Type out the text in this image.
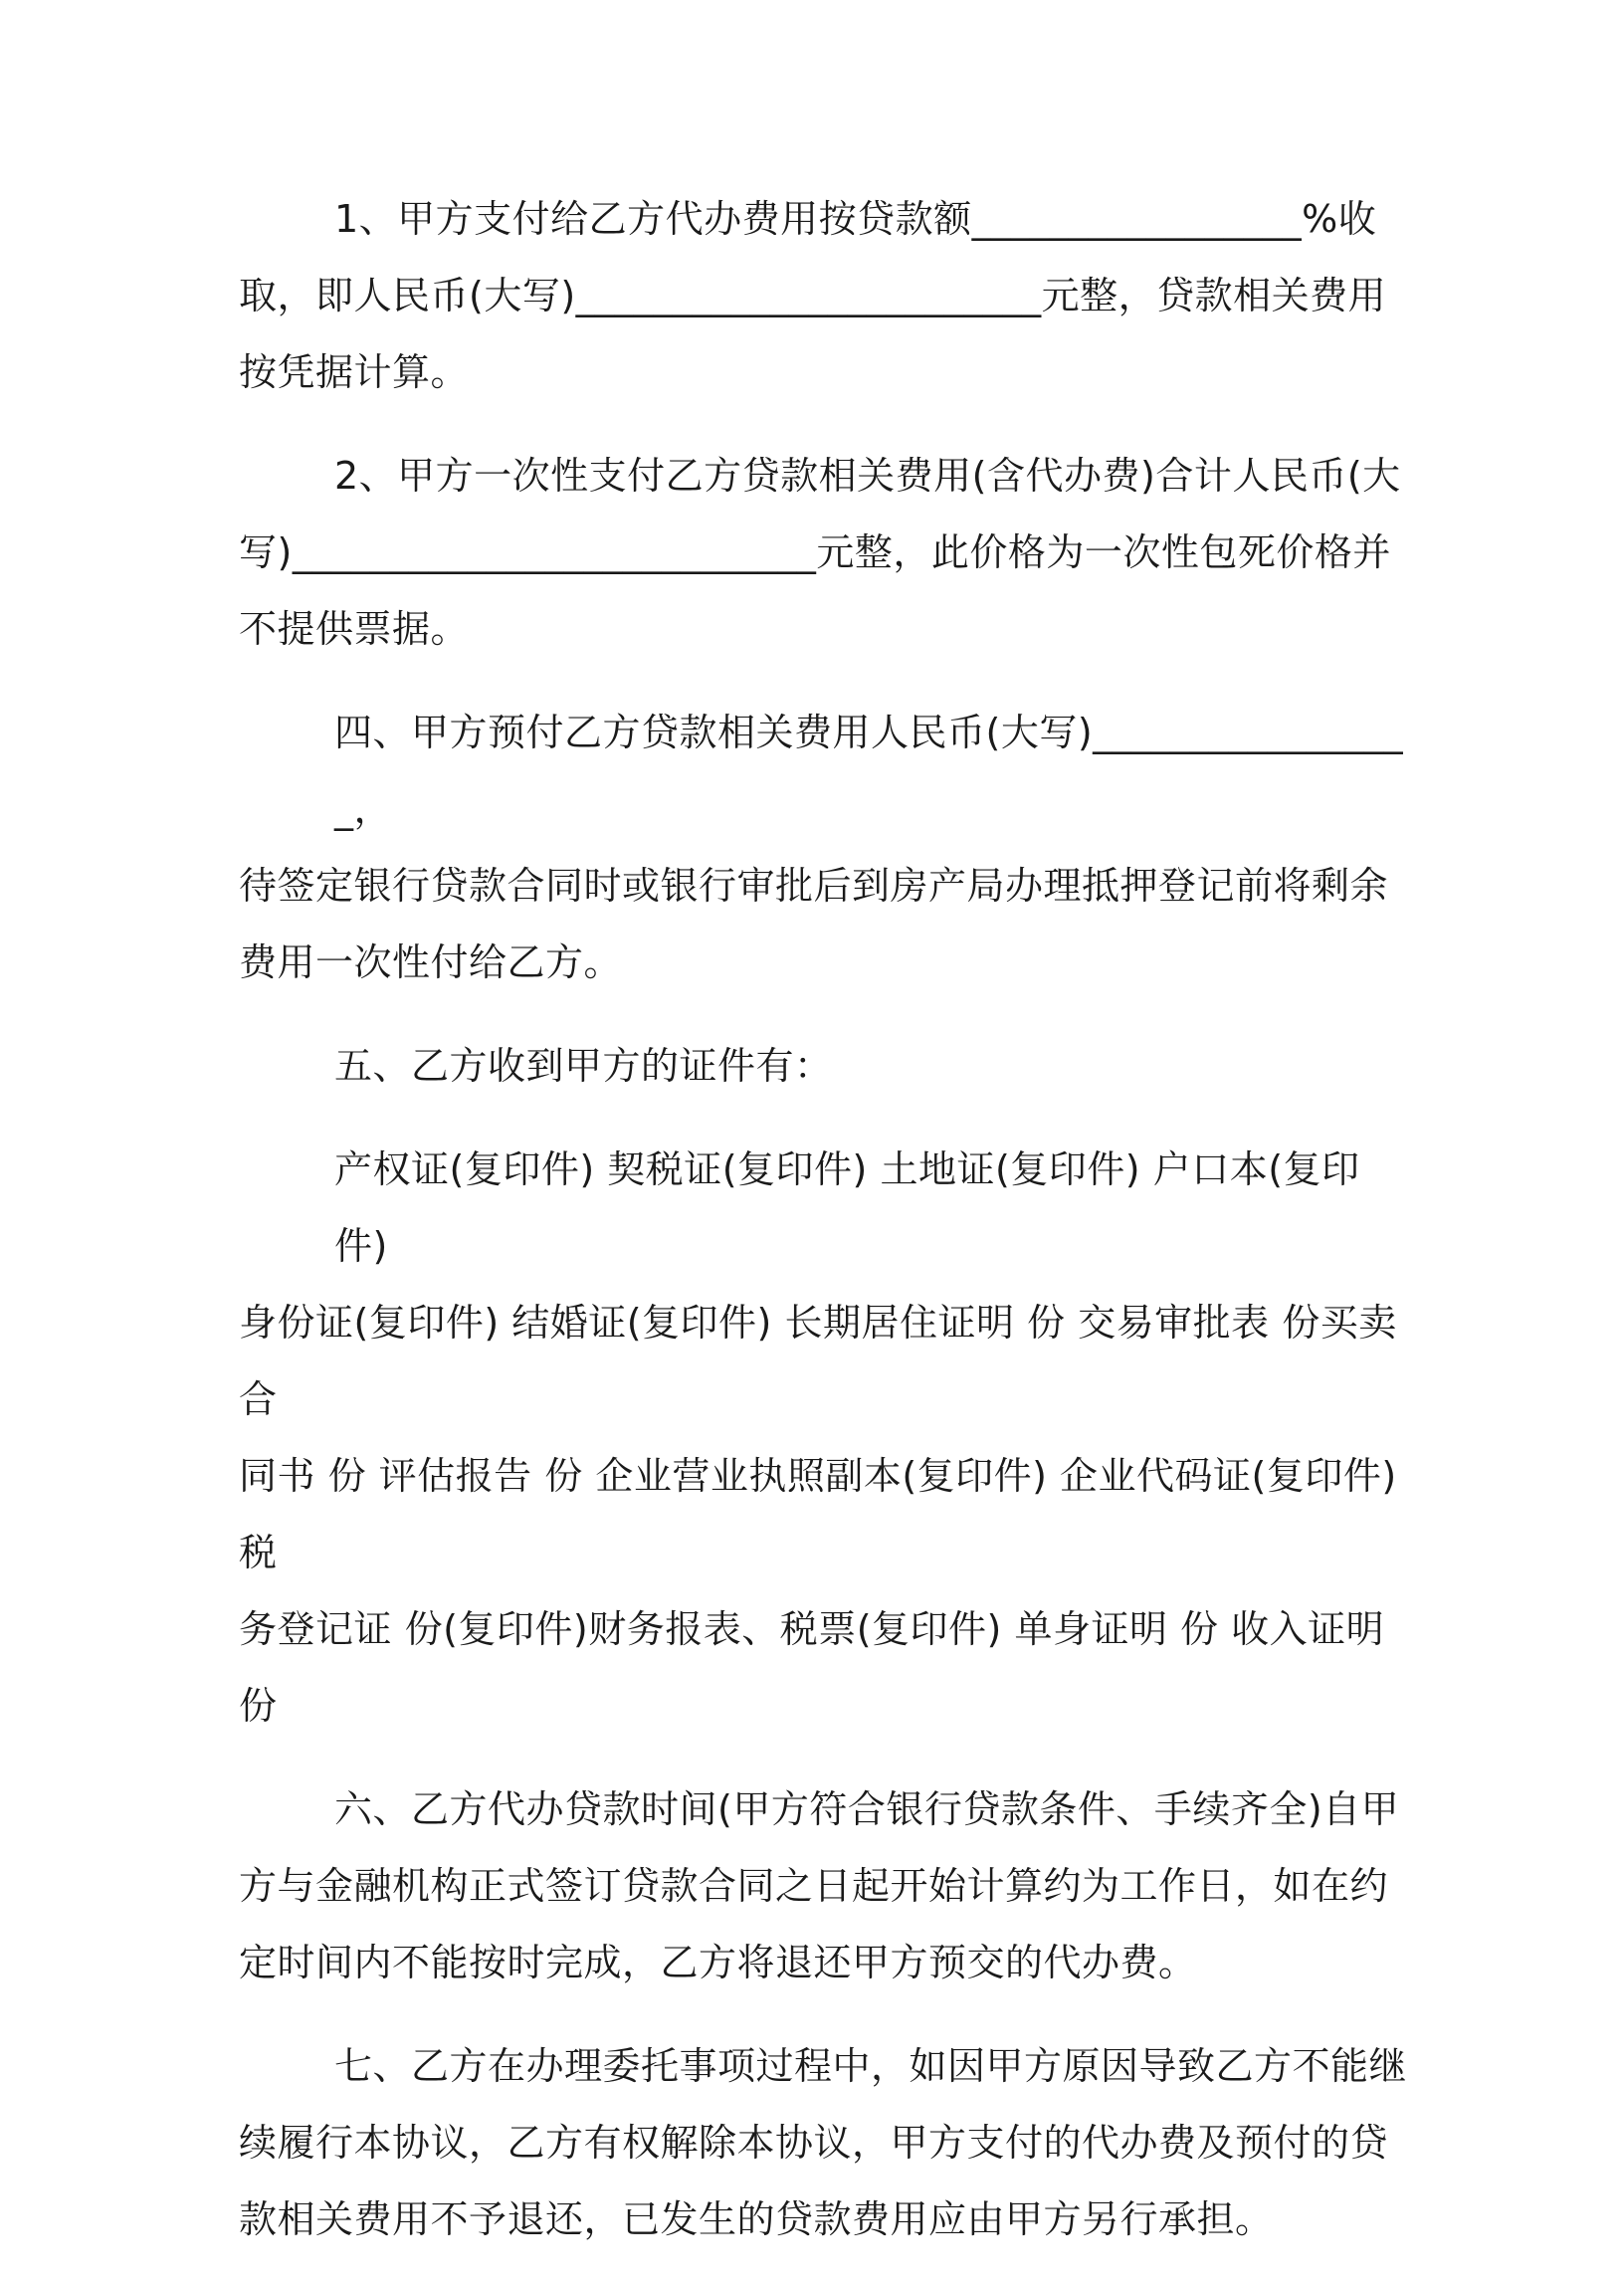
1、甲方支付给乙方代办费用按贷款额_________________%收
取，即人民币(大写)________________________元整，贷款相关费用
按凭据计算。
2、甲方一次性支付乙方贷款相关费用(含代办费)合计人民币(大
写)___________________________元整，此价格为一次性包死价格并
不提供票据。
四、甲方预付乙方贷款相关费用人民币(大写)_________________，
待签定银行贷款合同时或银行审批后到房产局办理抵押登记前将剩余
费用一次性付给乙方。
五、乙方收到甲方的证件有：
产权证(复印件) 契税证(复印件) 土地证(复印件) 户口本(复印件)
身份证(复印件) 结婚证(复印件) 长期居住证明 份 交易审批表 份买卖合
同书 份 评估报告 份 企业营业执照副本(复印件) 企业代码证(复印件) 税
务登记证 份(复印件)财务报表、税票(复印件) 单身证明 份 收入证明份
六、乙方代办贷款时间(甲方符合银行贷款条件、手续齐全)自甲
方与金融机构正式签订贷款合同之日起开始计算约为工作日，如在约
定时间内不能按时完成，乙方将退还甲方预交的代办费。
七、乙方在办理委托事项过程中，如因甲方原因导致乙方不能继
续履行本协议，乙方有权解除本协议，甲方支付的代办费及预付的贷
款相关费用不予退还，已发生的贷款费用应由甲方另行承担。
